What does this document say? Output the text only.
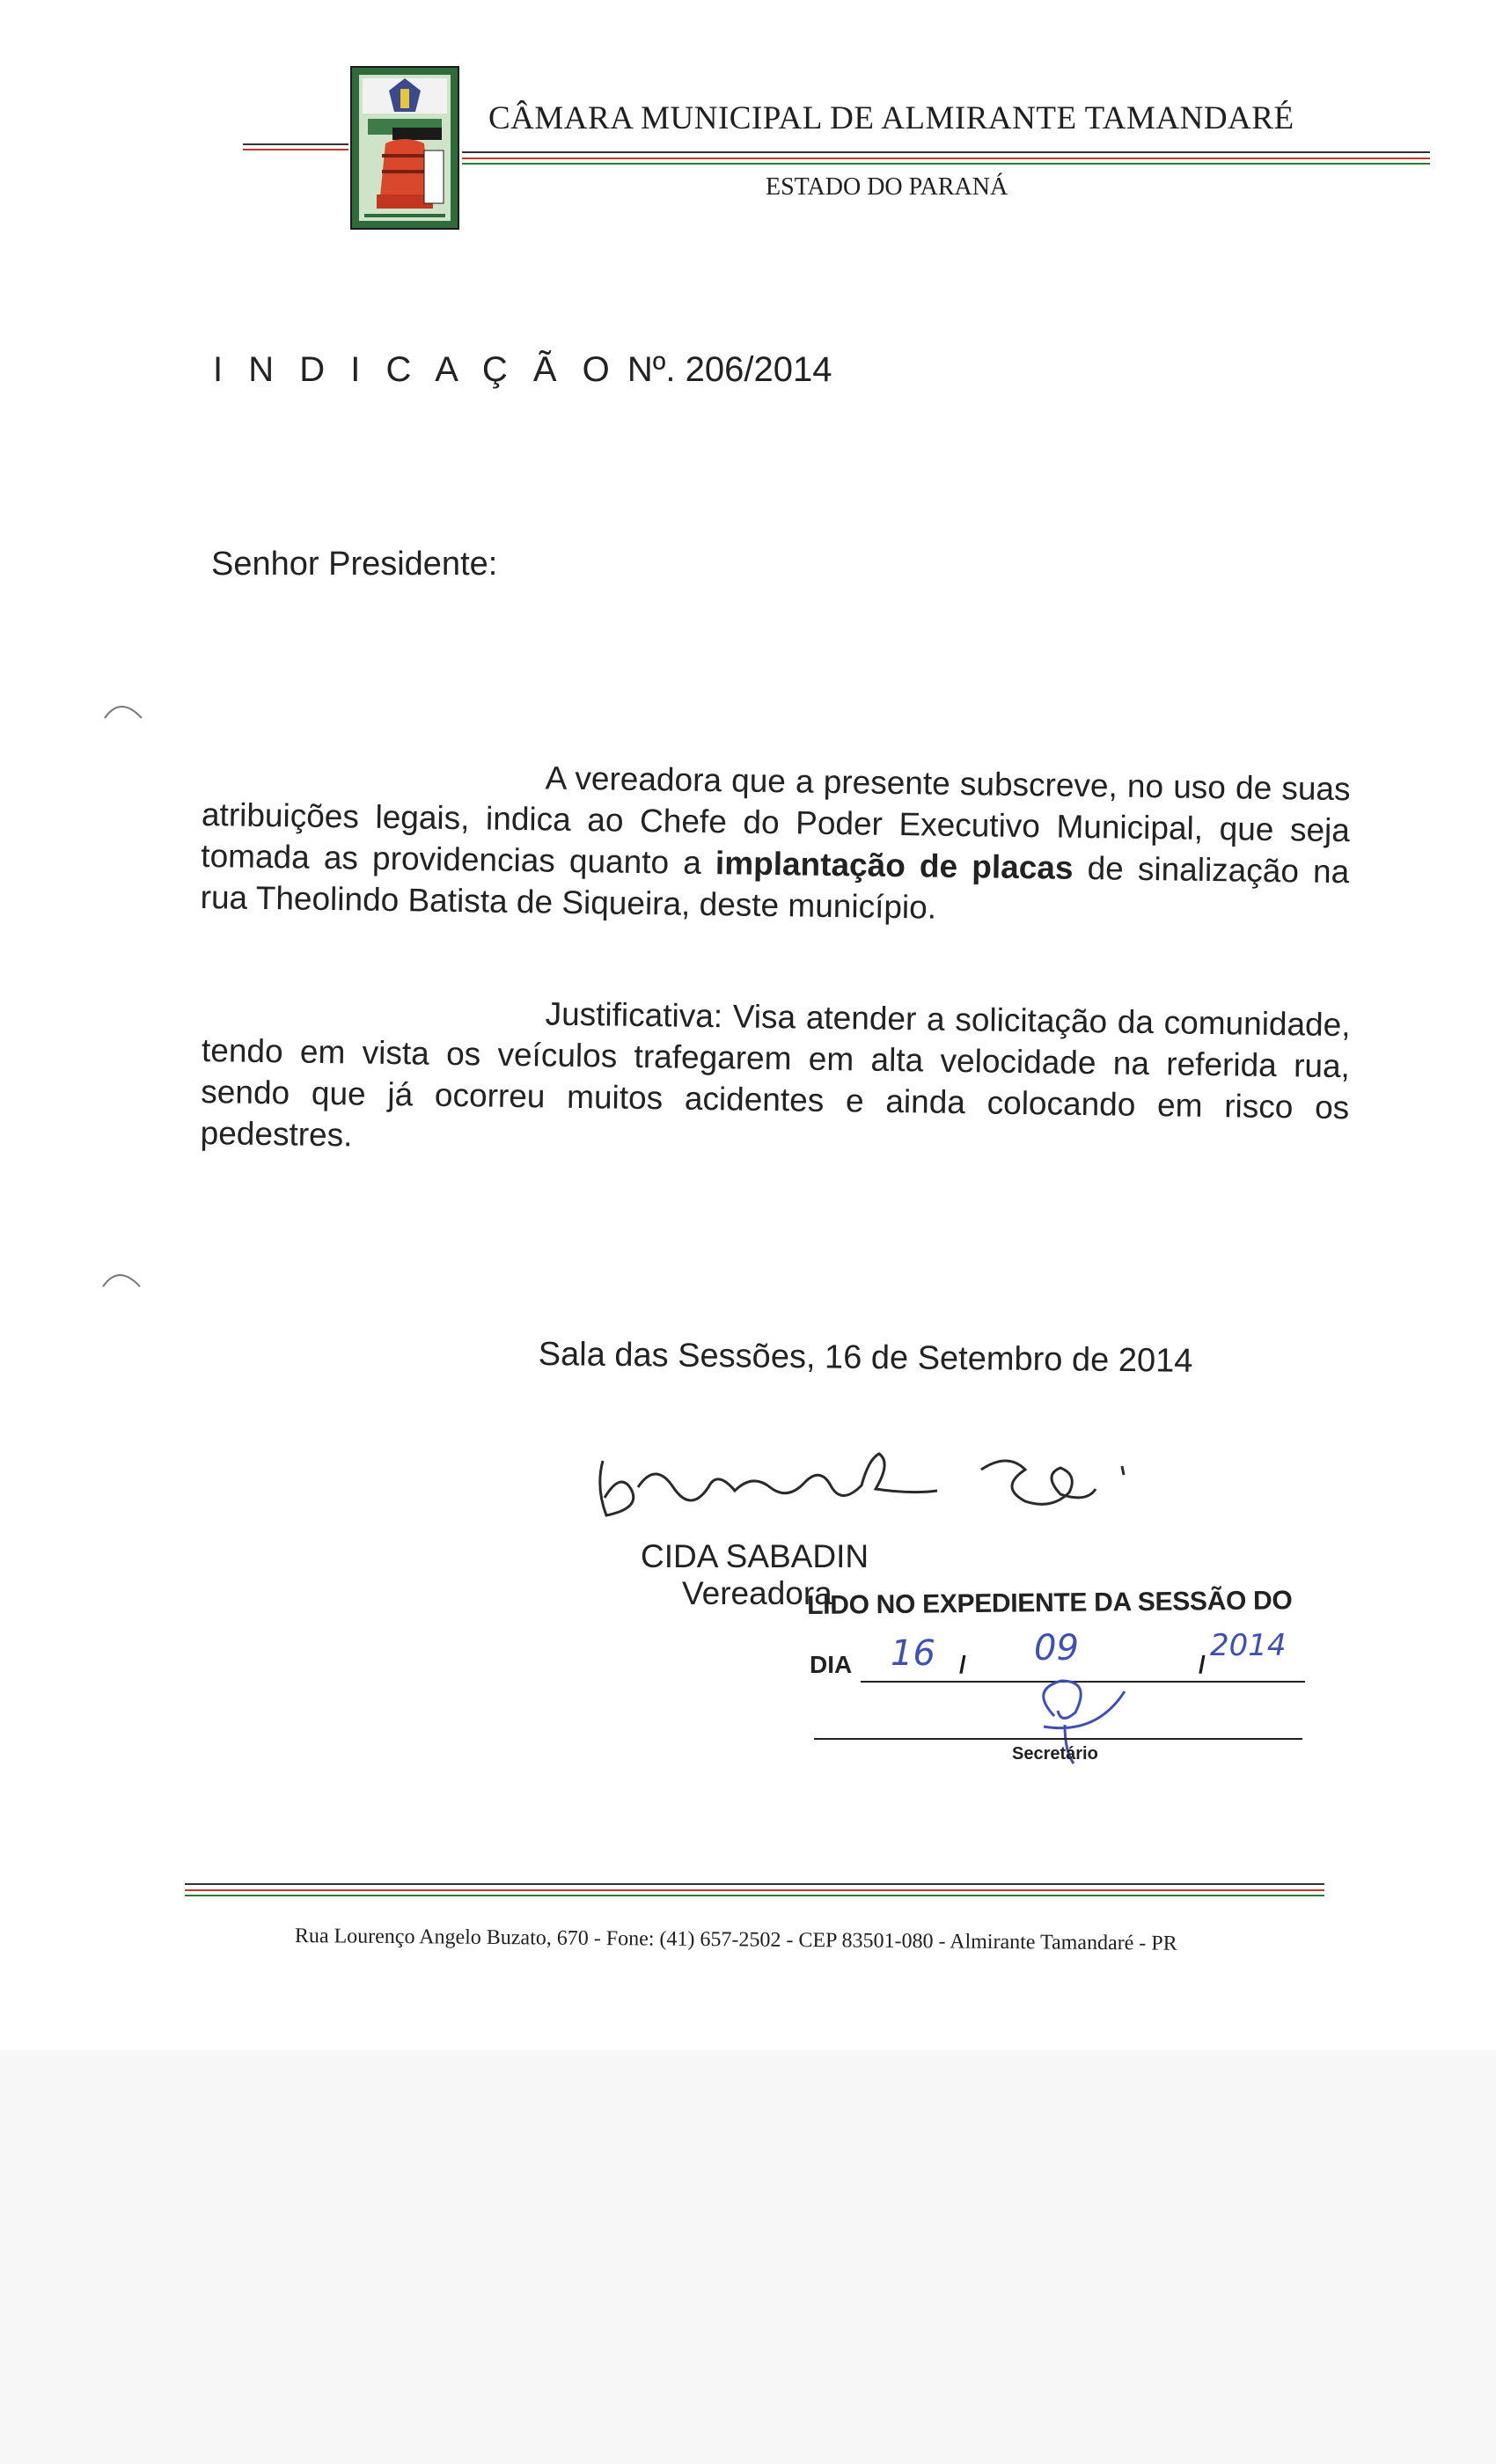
CÂMARA MUNICIPAL DE ALMIRANTE TAMANDARÉ
ESTADO DO PARANÁ
I N D I C A Ç Ã O Nº. 206/2014
Senhor Presidente:
A vereadora que a presente subscreve, no uso de suas atribuições legais, indica ao Chefe do Poder Executivo Municipal, que seja tomada as providencias quanto a implantação de placas de sinalização na rua Theolindo Batista de Siqueira, deste município.
Justificativa: Visa atender a solicitação da comunidade, tendo em vista os veículos trafegarem em alta velocidade na referida rua, sendo que já ocorreu muitos acidentes e ainda colocando em risco os pedestres.
Sala das Sessões, 16 de Setembro de 2014
CIDA SABADIN
Vereadora
LIDO NO EXPEDIENTE DA SESSÃO DO
DIA 16	09	2014
/	/
Secretário
Rua Lourenço Angelo Buzato, 670 - Fone: (41) 657-2502 - CEP 83501-080 - Almirante Tamandaré - PR
